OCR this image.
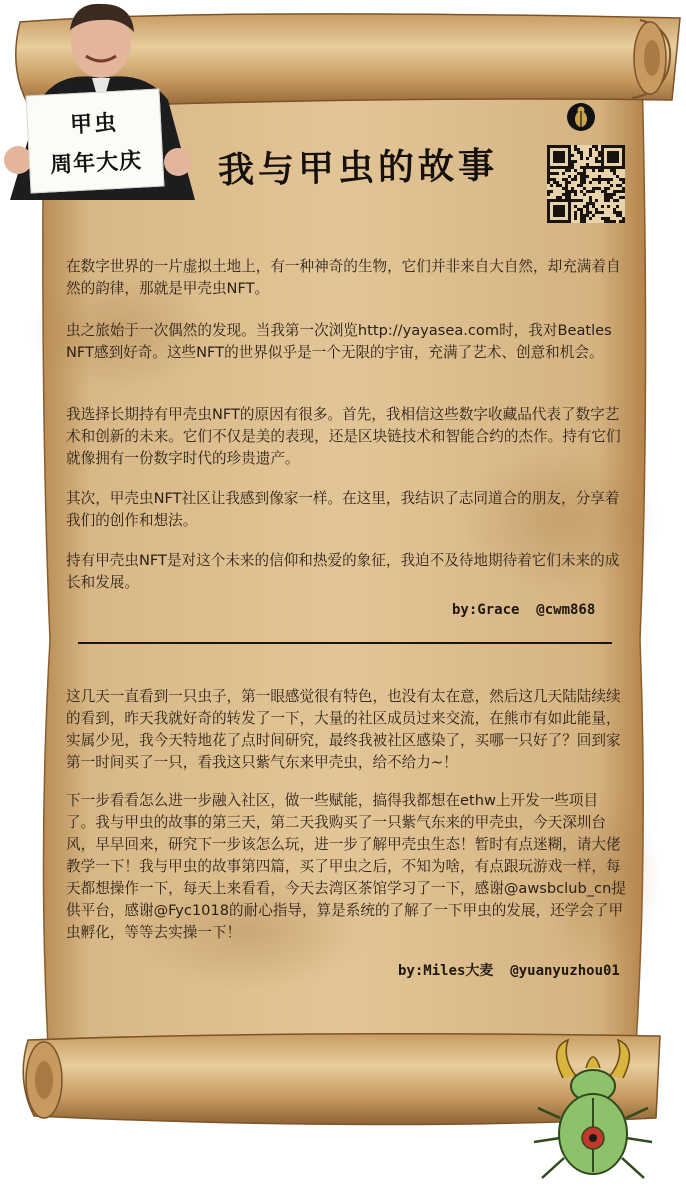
甲虫
周年大庆	我与甲虫的故事
在数字世界的一片虚拟土地上，有一种神奇的生物，它们并非来自大自然，却充满着自然的韵律，那就是甲壳虫NFT。
虫之旅始于一次偶然的发现。当我第一次浏览http://yayasea.com时，我对Beatles NFT感到好奇。这些NFT的世界似乎是一个无限的宇宙，充满了艺术、创意和机会。
我选择长期持有甲壳虫NFT的原因有很多。首先，我相信这些数字收藏品代表了数字艺术和创新的未来。它们不仅是美的表现，还是区块链技术和智能合约的杰作。持有它们就像拥有一份数字时代的珍贵遗产。
其次，甲壳虫NFT社区让我感到像家一样。在这里，我结识了志同道合的朋友，分享着我们的创作和想法。
持有甲壳虫NFT是对这个未来的信仰和热爱的象征，我迫不及待地期待着它们未来的成长和发展。
by:Grace  @cwm868
这几天一直看到一只虫子，第一眼感觉很有特色，也没有太在意，然后这几天陆陆续续的看到，昨天我就好奇的转发了一下，大量的社区成员过来交流，在熊市有如此能量，实属少见，我今天特地花了点时间研究，最终我被社区感染了，买哪一只好了？回到家第一时间买了一只，看我这只紫气东来甲壳虫，给不给力~！
下一步看看怎么进一步融入社区，做一些赋能，搞得我都想在ethw上开发一些项目了。我与甲虫的故事的第三天，第二天我购买了一只紫气东来的甲壳虫，今天深圳台风，早早回来，研究下一步该怎么玩，进一步了解甲壳虫生态！暂时有点迷糊，请大佬教学一下！我与甲虫的故事第四篇，买了甲虫之后，不知为啥，有点跟玩游戏一样，每天都想操作一下，每天上来看看，今天去湾区茶馆学习了一下，感谢@awsbclub_cn提供平台，感谢@Fyc1018的耐心指导，算是系统的了解了一下甲虫的发展，还学会了甲虫孵化，等等去实操一下！
by:Miles大麦  @yuanyuzhou01
